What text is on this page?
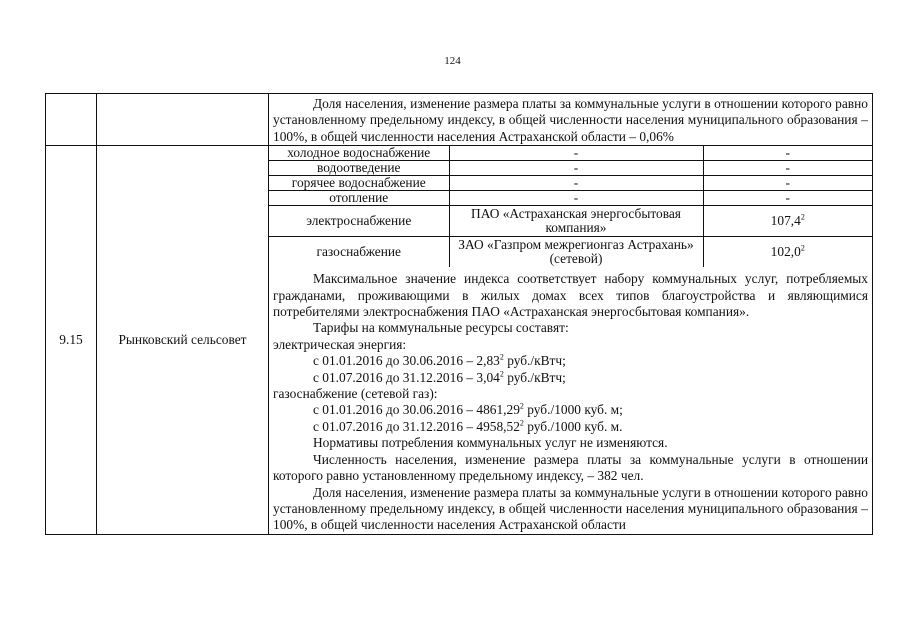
124

Доля населения, изменение размера платы за коммунальные услуги в отношении которого равно установленному предельному индексу, в общей численности населения муниципального образования – 100%, в общей численности населения Астраханской области – 0,06%

9.15	Рынковский сельсовет	
холодное водоснабжение	-	-
водоотведение	-	-
горячее водоснабжение	-	-
отопление	-	-
электроснабжение	ПАО «Астраханская энергосбытовая компания»	107,4$^2$
газоснабжение	ЗАО «Газпром межрегионгаз Астрахань» (сетевой)	102,0$^2$

Максимальное значение индекса соответствует набору коммунальных услуг, потребляемых гражданами, проживающими в жилых домах всех типов благоустройства и являющимися потребителями электроснабжения ПАО «Астраханская энергосбытовая компания».

Тарифы на коммунальные ресурсы составят:

электрическая энергия:

с 01.01.2016 до 30.06.2016 – 2,83$^2$ руб./кВтч;

с 01.07.2016 до 31.12.2016 – 3,04$^2$ руб./кВтч;

газоснабжение (сетевой газ):

с 01.01.2016 до 30.06.2016 – 4861,29$^2$ руб./1000 куб. м;

с 01.07.2016 до 31.12.2016 – 4958,52$^2$ руб./1000 куб. м.

Нормативы потребления коммунальных услуг не изменяются.

Численность населения, изменение размера платы за коммунальные услуги в отношении которого равно установленному предельному индексу, – 382 чел.

Доля населения, изменение размера платы за коммунальные услуги в отношении которого равно установленному предельному индексу, в общей численности населения муниципального образования – 100%, в общей численности населения Астраханской области
